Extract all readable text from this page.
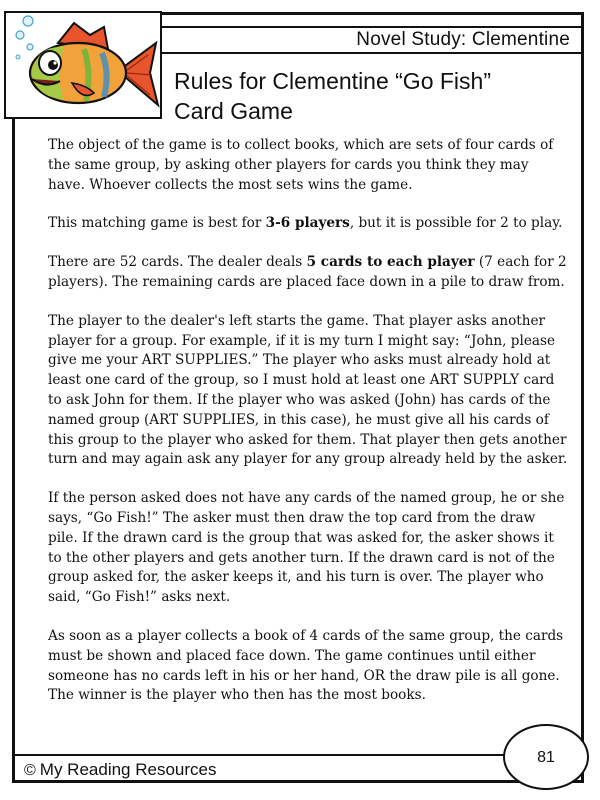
Novel Study: Clementine
Rules for Clementine “Go Fish”
Card Game

The object of the game is to collect books, which are sets of four cards of the same group, by asking other players for cards you think they may have. Whoever collects the most sets wins the game.

This matching game is best for 3-6 players, but it is possible for 2 to play.

There are 52 cards. The dealer deals 5 cards to each player (7 each for 2 players). The remaining cards are placed face down in a pile to draw from.

The player to the dealer's left starts the game. That player asks another player for a group. For example, if it is my turn I might say: “John, please give me your ART SUPPLIES.” The player who asks must already hold at least one card of the group, so I must hold at least one ART SUPPLY card to ask John for them. If the player who was asked (John) has cards of the named group (ART SUPPLIES, in this case), he must give all his cards of this group to the player who asked for them. That player then gets another turn and may again ask any player for any group already held by the asker.

If the person asked does not have any cards of the named group, he or she says, “Go Fish!” The asker must then draw the top card from the draw pile. If the drawn card is the group that was asked for, the asker shows it to the other players and gets another turn. If the drawn card is not of the group asked for, the asker keeps it, and his turn is over. The player who said, “Go Fish!” asks next.

As soon as a player collects a book of 4 cards of the same group, the cards must be shown and placed face down. The game continues until either someone has no cards left in his or her hand, OR the draw pile is all gone. The winner is the player who then has the most books.

© My Reading Resources
81
